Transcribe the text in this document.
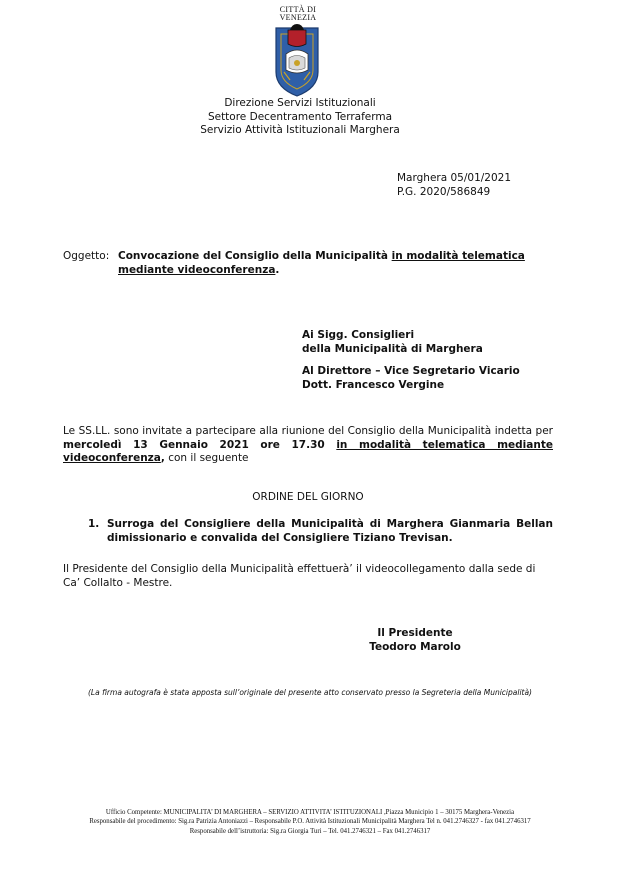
CITTÀ DI
VENEZIA
Direzione Servizi Istituzionali
Settore Decentramento Terraferma
Servizio Attività Istituzionali Marghera
Marghera 05/01/2021
P.G. 2020/586849
Oggetto: Convocazione del Consiglio della Municipalità in modalità telematica
mediante videoconferenza.
Ai Sigg. Consiglieri
della Municipalità di Marghera
Al Direttore – Vice Segretario Vicario
Dott. Francesco Vergine
Le SS.LL. sono invitate a partecipare alla riunione del Consiglio della Municipalità indetta per mercoledì 13 Gennaio 2021 ore 17.30 in modalità telematica mediante videoconferenza, con il seguente
ORDINE DEL GIORNO
1. Surroga del Consigliere della Municipalità di Marghera Gianmaria Bellan dimissionario e convalida del Consigliere Tiziano Trevisan.
Il Presidente del Consiglio della Municipalità effettuerà’ il videocollegamento dalla sede di Ca’ Collalto - Mestre.
Il Presidente
Teodoro Marolo
(La firma autografa è stata apposta sull’originale del presente atto conservato presso la Segreteria della Municipalità)
Ufficio Competente: MUNICIPALITA’ DI MARGHERA – SERVIZIO ATTIVITA’ ISTITUZIONALI ,Piazza Municipio 1 – 30175 Marghera-Venezia
Responsabile del procedimento: Sig.ra Patrizia Antoniazzi – Responsabile P.O. Attività Istituzionali Municipalità Marghera Tel n. 041.2746327 - fax 041.2746317
Responsabile dell’istruttoria: Sig.ra Giorgia Turi – Tel. 041.2746321 – Fax 041.2746317
